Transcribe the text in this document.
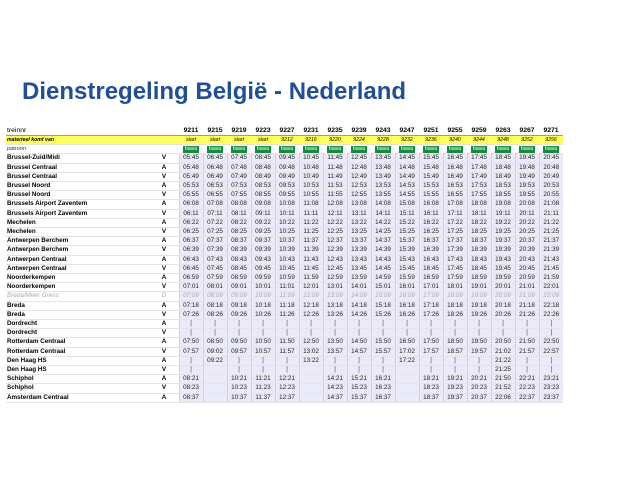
Dienstregeling België - Nederland
treinnr			9211	9215	9219	9223	9227	9231	9235	9239	9243	9247	9251	9255	9259	9263	9267	9271
materieel komt van			start	start	start	start	9212	9216	9220	9224	9228	9232	9236	9240	9244	9248	9252	9256
patroon			basis	basis	basis	basis	basis	basis	basis	basis	basis	basis	basis	basis	basis	basis	basis	basis
Brussel-Zuid/Midi	V		05:45	06:45	07:45	08:45	09:45	10:45	11:45	12:45	13:45	14:45	15:45	16:45	17:45	18:45	19:45	20:45
Brussel Centraal	A		05:48	06:48	07:48	08:48	09:48	10:48	11:48	12:48	13:48	14:48	15:48	16:48	17:48	18:48	19:48	20:48
Brussel Centraal	V		05:49	06:49	07:49	08:49	09:49	10:49	11:49	12:49	13:49	14:49	15:49	16:49	17:49	18:49	19:49	20:49
Brussel Noord	A		05:53	06:53	07:53	08:53	09:53	10:53	11:53	12:53	13:53	14:53	15:53	16:53	17:53	18:53	19:53	20:53
Brussel Noord	V		05:55	06:55	07:55	08:55	09:55	10:55	11:55	12:55	13:55	14:55	15:55	16:55	17:55	18:55	19:55	20:55
Brussels Airport Zaventem	A		06:08	07:08	08:08	09:08	10:08	11:08	12:08	13:08	14:08	15:08	16:08	17:08	18:08	19:08	20:08	21:08
Brussels Airport Zaventem	V		06:11	07:11	08:11	09:11	10:11	11:11	12:11	13:11	14:11	15:11	16:11	17:11	18:11	19:11	20:11	21:11
Mechelen	A		06:22	07:22	08:22	09:22	10:22	11:22	12:22	13:22	14:22	15:22	16:22	17:22	18:22	19:22	20:22	21:22
Mechelen	V		06:25	07:25	08:25	09:25	10:25	11:25	12:25	13:25	14:25	15:25	16:25	17:25	18:25	19:25	20:25	21:25
Antwerpen Berchem	A		06:37	07:37	08:37	09:37	10:37	11:37	12:37	13:37	14:37	15:37	16:37	17:37	18:37	19:37	20:37	21:37
Antwerpen Berchem	V		06:39	07:39	08:39	09:39	10:39	11:39	12:39	13:39	14:39	15:39	16:39	17:39	18:39	19:39	20:39	21:39
Antwerpen Centraal	A		06:43	07:43	08:43	09:43	10:43	11:43	12:43	13:43	14:43	15:43	16:43	17:43	18:43	19:43	20:43	21:43
Antwerpen Centraal	V		06:45	07:45	08:45	09:45	10:45	11:45	12:45	13:45	14:45	15:45	16:45	17:45	18:45	19:45	20:45	21:45
Noorderkempen	A		06:59	07:59	08:59	09:59	10:59	11:59	12:59	13:59	14:59	15:59	16:59	17:59	18:59	19:59	20:59	21:59
Noorderkempen	V		07:01	08:01	09:01	10:01	11:01	12:01	13:01	14:01	15:01	16:01	17:01	18:01	19:01	20:01	21:01	22:01
Breda/Meer Grens	D		07:09	08:09	09:09	10:09	11:09	12:09	13:09	14:09	15:09	16:09	17:09	18:09	19:09	20:09	21:09	22:09
Breda	A		07:18	08:18	09:18	10:18	11:18	12:18	13:18	14:18	15:18	16:18	17:18	18:18	19:18	20:18	21:18	22:18
Breda	V		07:26	08:26	09:26	10:26	11:26	12:26	13:26	14:26	15:26	16:26	17:26	18:26	19:26	20:26	21:26	22:26
Dordrecht	A		|	|	|	|	|	|	|	|	|	|	|	|	|	|	|	|
Dordrecht	V		|	|	|	|	|	|	|	|	|	|	|	|	|	|	|	|
Rotterdam Centraal	A		07:50	08:50	09:50	10:50	11:50	12:50	13:50	14:50	15:50	16:50	17:50	18:50	19:50	20:50	21:50	22:50
Rotterdam Centraal	V		07:57	09:02	09:57	10:57	11:57	13:02	13:57	14:57	15:57	17:02	17:57	18:57	19:57	21:02	21:57	22:57
Den Haag HS	A		|	09:22	|	|	|	13:22	|	|	|	17:22	|	|	|	21:22	|	|
Den Haag HS	V		|		|	|	|		|	|	|		|	|	|	21:25	|	|
Schiphol	A		08:21		10:21	11:21	12:21		14:21	15:21	16:21		18:21	19:21	20:21	21:50	22:21	23:21
Schiphol	V		08:23		10:23	11:23	12:23		14:23	15:23	16:23		18:23	19:23	20:23	21:52	22:23	23:23
Amsterdam Centraal	A		08:37		10:37	11:37	12:37		14:37	15:37	16:37		18:37	19:37	20:37	22:06	22:37	23:37
